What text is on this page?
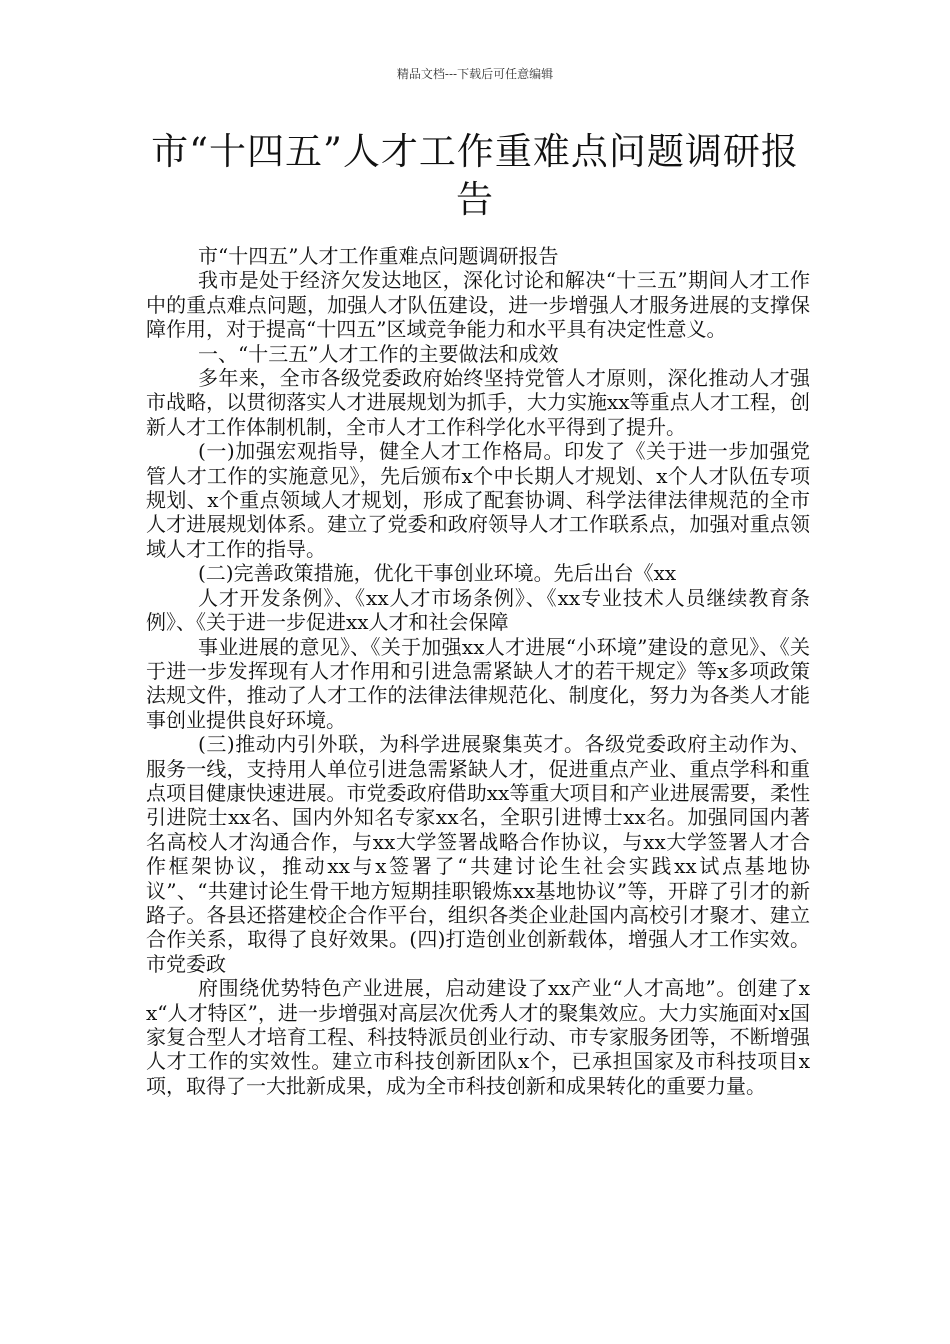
精品文档---下载后可任意编辑
市“十四五”人才工作重难点问题调研报告

市“十四五”人才工作重难点问题调研报告

我市是处于经济欠发达地区，深化讨论和解决“十三五”期间人才工作中的重点难点问题，加强人才队伍建设，进一步增强人才服务进展的支撑保障作用，对于提高“十四五”区域竞争能力和水平具有决定性意义。

一、“十三五”人才工作的主要做法和成效

多年来，全市各级党委政府始终坚持党管人才原则，深化推动人才强市战略，以贯彻落实人才进展规划为抓手，大力实施xx等重点人才工程，创新人才工作体制机制，全市人才工作科学化水平得到了提升。

(一)加强宏观指导，健全人才工作格局。印发了《关于进一步加强党管人才工作的实施意见》，先后颁布x个中长期人才规划、x个人才队伍专项规划、x个重点领域人才规划，形成了配套协调、科学法律法律规范的全市人才进展规划体系。建立了党委和政府领导人才工作联系点，加强对重点领域人才工作的指导。

(二)完善政策措施，优化干事创业环境。先后出台《xx

人才开发条例》、《xx人才市场条例》、《xx专业技术人员继续教育条例》、《关于进一步促进xx人才和社会保障

事业进展的意见》、《关于加强xx人才进展“小环境”建设的意见》、《关于进一步发挥现有人才作用和引进急需紧缺人才的若干规定》等x多项政策法规文件，推动了人才工作的法律法律规范化、制度化，努力为各类人才能事创业提供良好环境。

(三)推动内引外联，为科学进展聚集英才。各级党委政府主动作为、服务一线，支持用人单位引进急需紧缺人才，促进重点产业、重点学科和重点项目健康快速进展。市党委政府借助xx等重大项目和产业进展需要，柔性引进院士xx名、国内外知名专家xx名，全职引进博士xx名。加强同国内著名高校人才沟通合作，与xx大学签署战略合作协议，与xx大学签署人才合作框架协议，推动xx与x签署了“共建讨论生社会实践xx试点基地协议”、“共建讨论生骨干地方短期挂职锻炼xx基地协议”等，开辟了引才的新路子。各县还搭建校企合作平台，组织各类企业赴国内高校引才聚才、建立合作关系，取得了良好效果。(四)打造创业创新载体，增强人才工作实效。市党委政

府围绕优势特色产业进展，启动建设了xx产业“人才高地”。创建了xx“人才特区”，进一步增强对高层次优秀人才的聚集效应。大力实施面对x国家复合型人才培育工程、科技特派员创业行动、市专家服务团等，不断增强人才工作的实效性。建立市科技创新团队x个，已承担国家及市科技项目x项，取得了一大批新成果，成为全市科技创新和成果转化的重要力量。
